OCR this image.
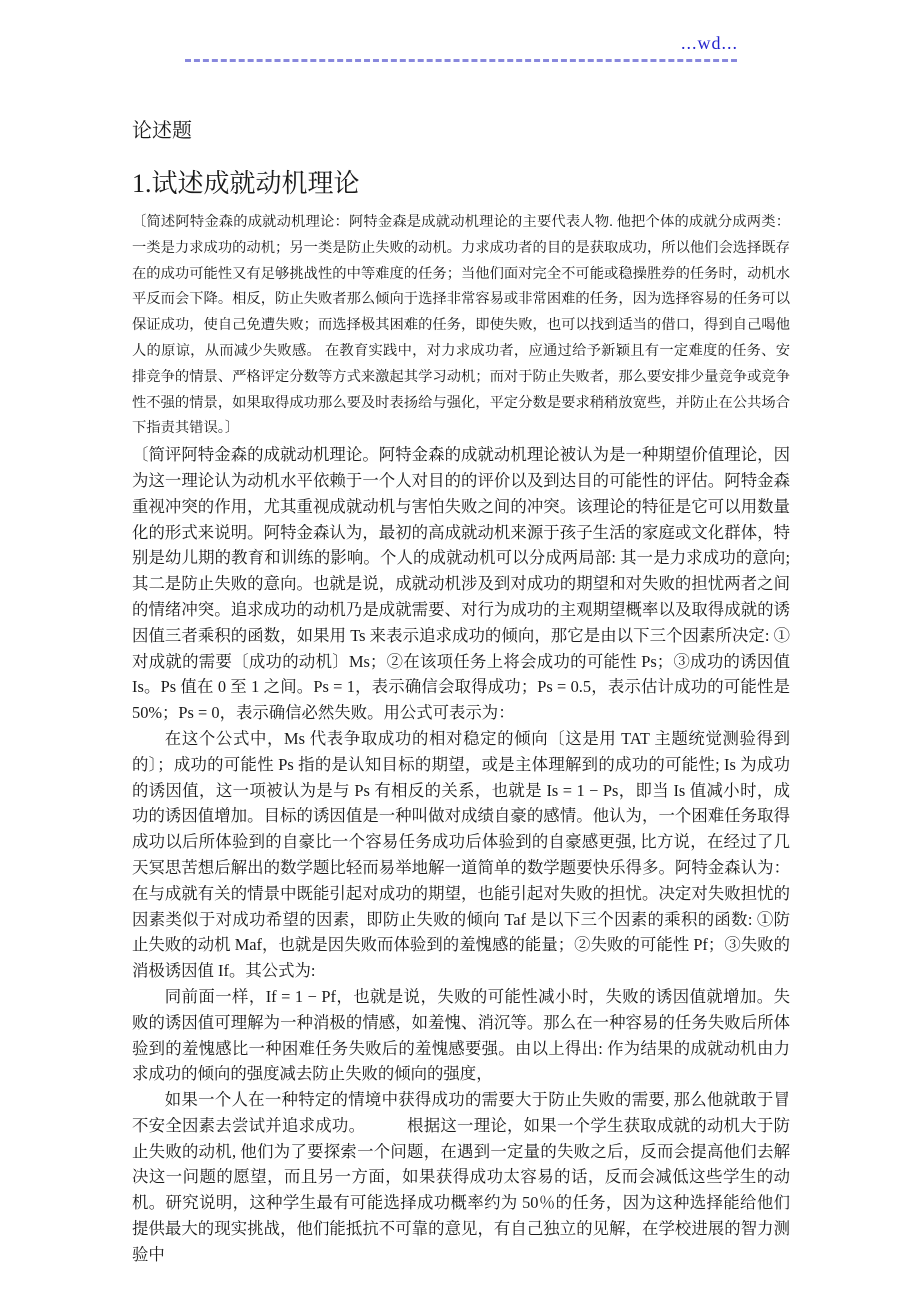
...wd...
论述题
1.试述成就动机理论

〔简述阿特金森的成就动机理论：阿特金森是成就动机理论的主要代表人物. 他把个体的成就分成两类：一类是力求成功的动机；另一类是防止失败的动机。力求成功者的目的是获取成功，所以他们会选择既存在的成功可能性又有足够挑战性的中等难度的任务；当他们面对完全不可能或稳操胜券的任务时，动机水平反而会下降。相反，防止失败者那么倾向于选择非常容易或非常困难的任务，因为选择容易的任务可以保证成功，使自己免遭失败；而选择极其困难的任务，即使失败，也可以找到适当的借口，得到自己喝他人的原谅，从而减少失败感。 在教育实践中，对力求成功者，应通过给予新颖且有一定难度的任务、安排竞争的情景、严格评定分数等方式来激起其学习动机；而对于防止失败者，那么要安排少量竞争或竞争性不强的情景，如果取得成功那么要及时表扬给与强化，平定分数是要求稍稍放宽些，并防止在公共场合下指责其错误。〕

〔简评阿特金森的成就动机理论。阿特金森的成就动机理论被认为是一种期望价值理论，因为这一理论认为动机水平依赖于一个人对目的的评价以及到达目的可能性的评估。阿特金森重视冲突的作用，尤其重视成就动机与害怕失败之间的冲突。该理论的特征是它可以用数量化的形式来说明。阿特金森认为，最初的高成就动机来源于孩子生活的家庭或文化群体，特别是幼儿期的教育和训练的影响。个人的成就动机可以分成两局部: 其一是力求成功的意向; 其二是防止失败的意向。也就是说，成就动机涉及到对成功的期望和对失败的担忧两者之间的情绪冲突。追求成功的动机乃是成就需要、对行为成功的主观期望概率以及取得成就的诱因值三者乘积的函数，如果用 Ts 来表示追求成功的倾向，那它是由以下三个因素所决定: ①对成就的需要〔成功的动机〕Ms；②在该项任务上将会成功的可能性 Ps；③成功的诱因值 Is。Ps 值在 0 至 1 之间。Ps = 1，表示确信会取得成功；Ps = 0.5，表示估计成功的可能性是 50%；Ps = 0，表示确信必然失败。用公式可表示为：

在这个公式中，Ms 代表争取成功的相对稳定的倾向〔这是用 TAT 主题统觉测验得到的〕；成功的可能性 Ps 指的是认知目标的期望，或是主体理解到的成功的可能性; Is 为成功的诱因值，这一项被认为是与 Ps 有相反的关系，也就是 Is = 1 − Ps，即当 Is 值减小时，成功的诱因值增加。目标的诱因值是一种叫做对成绩自豪的感情。他认为，一个困难任务取得成功以后所体验到的自豪比一个容易任务成功后体验到的自豪感更强, 比方说，在经过了几天冥思苦想后解出的数学题比轻而易举地解一道简单的数学题要快乐得多。阿特金森认为：在与成就有关的情景中既能引起对成功的期望，也能引起对失败的担忧。决定对失败担忧的因素类似于对成功希望的因素，即防止失败的倾向 Taf 是以下三个因素的乘积的函数: ①防止失败的动机 Maf，也就是因失败而体验到的羞愧感的能量；②失败的可能性 Pf；③失败的消极诱因值 If。其公式为:

同前面一样，If = 1 − Pf，也就是说，失败的可能性减小时，失败的诱因值就增加。失败的诱因值可理解为一种消极的情感，如羞愧、消沉等。那么在一种容易的任务失败后所体验到的羞愧感比一种困难任务失败后的羞愧感要强。由以上得出: 作为结果的成就动机由力求成功的倾向的强度减去防止失败的倾向的强度，

如果一个人在一种特定的情境中获得成功的需要大于防止失败的需要, 那么他就敢于冒不安全因素去尝试并追求成功。　　　根据这一理论，如果一个学生获取成就的动机大于防止失败的动机, 他们为了要探索一个问题，在遇到一定量的失败之后，反而会提高他们去解决这一问题的愿望，而且另一方面，如果获得成功太容易的话，反而会减低这些学生的动机。研究说明，这种学生最有可能选择成功概率约为 50％的任务，因为这种选择能给他们提供最大的现实挑战，他们能抵抗不可靠的意见，有自己独立的见解，在学校进展的智力测验中
